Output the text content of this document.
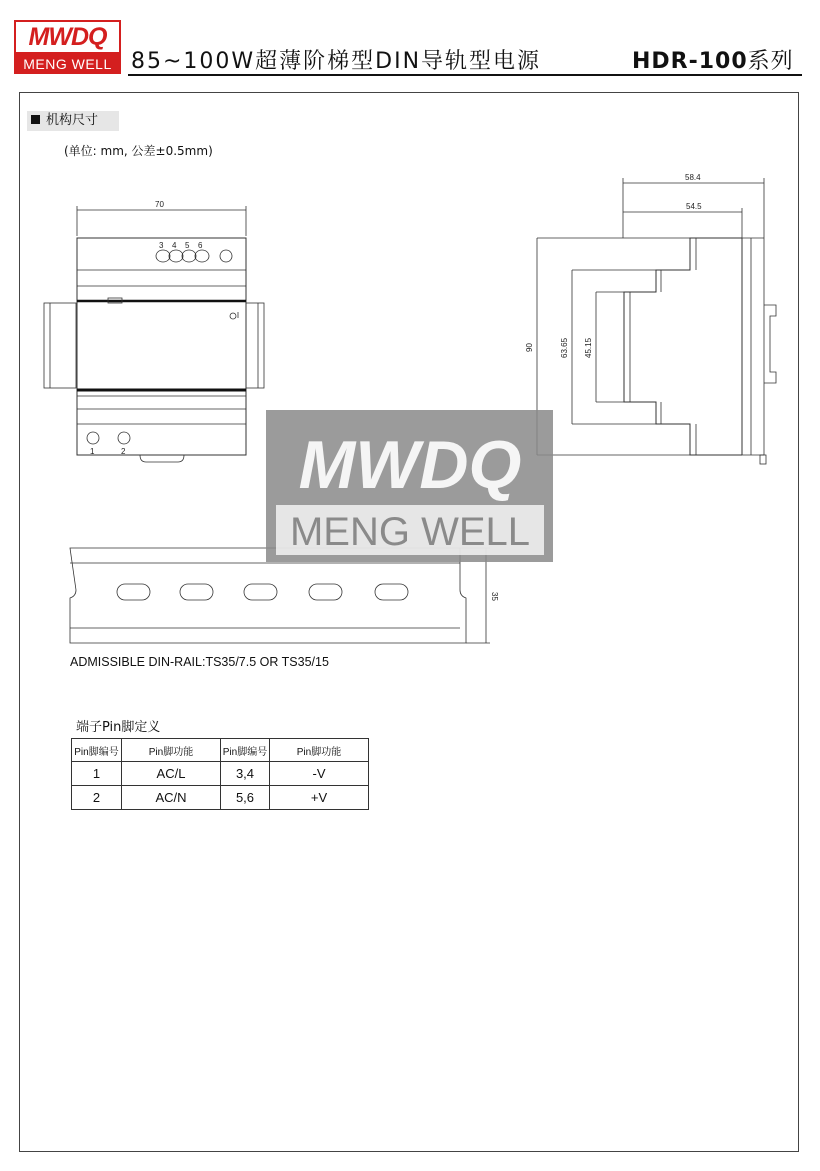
MWDQ
MENG WELL 85~100W超薄阶梯型DIN导轨型电源	HDR-100系列
机构尺寸
(单位: mm, 公差±0.5mm)
70
58.4
54.5
90	63.65 45.15
35
3 4 5 6
1	2	MWDQ
MENG WELL
ADMISSIBLE DIN-RAIL:TS35/7.5 OR TS35/15
端子Pin脚定义
Pin脚编号	Pin脚功能	Pin脚编号	Pin脚功能
1	AC/L	3,4	-V
2	AC/N	5,6	+V
